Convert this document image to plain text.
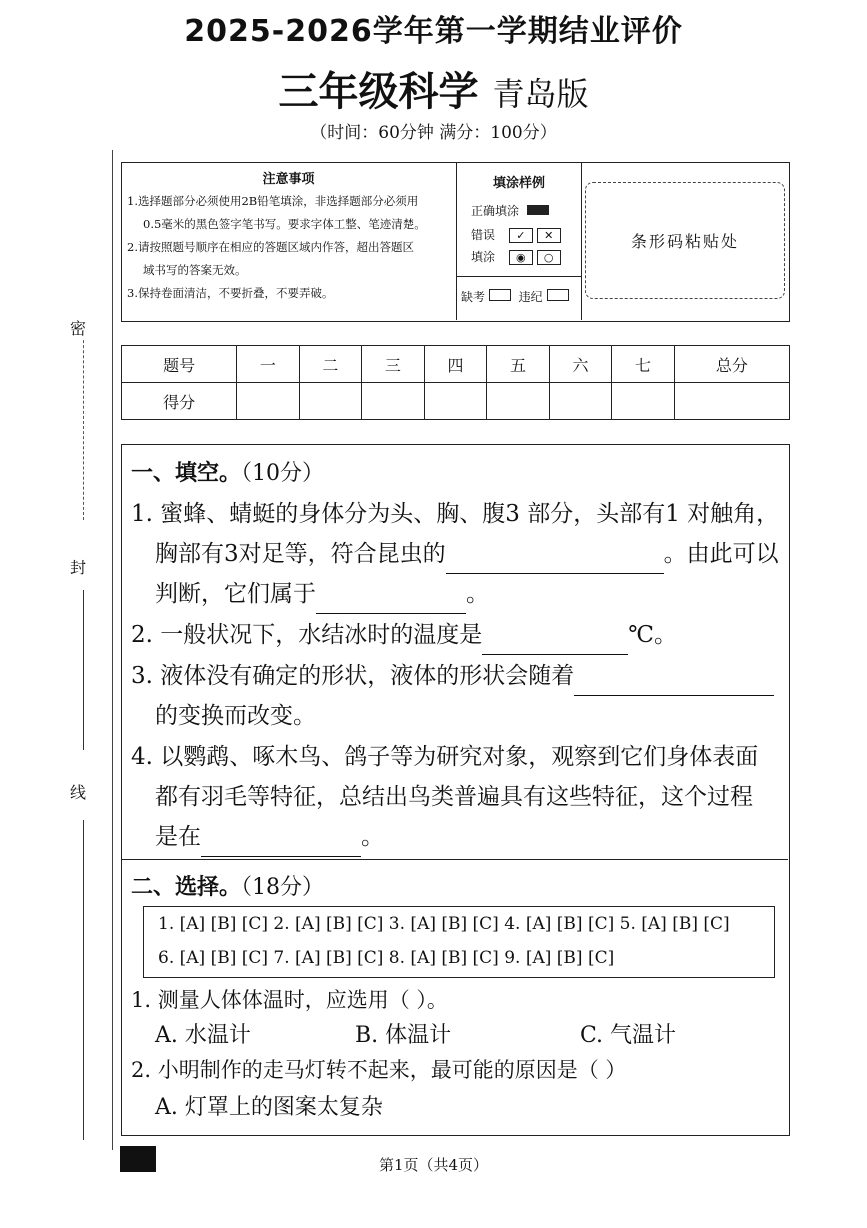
2025-2026学年第一学期结业评价
三年级科学 青岛版
（时间：60分钟 满分：100分）
密
封
线
注意事项
1.选择题部分必须使用2B铅笔填涂，非选择题部分必须用
0.5毫米的黑色签字笔书写。要求字体工整、笔迹清楚。
2.请按照题号顺序在相应的答题区域内作答，超出答题区
域书写的答案无效。
3.保持卷面清洁，不要折叠，不要弄破。
填涂样例
正确填涂
错误 ✓ ✕
填涂 ◉ ○
缺考	违纪
条形码粘贴处
题号	一	二	三	四	五	六	七	总分
得分								
一、填空。（10分）
1. 蜜蜂、蜻蜓的身体分为头、胸、腹3 部分，头部有1 对触角，
胸部有3对足等，符合昆虫的	。由此可以
判断，它们属于	。
2. 一般状况下，水结冰时的温度是	℃。
3. 液体没有确定的形状，液体的形状会随着
的变换而改变。
4. 以鹦鹉、啄木鸟、鸽子等为研究对象，观察到它们身体表面
都有羽毛等特征，总结出鸟类普遍具有这些特征，这个过程
是在	。
二、选择。（18分）
1. [A] [B] [C] 2. [A] [B] [C] 3. [A] [B] [C] 4. [A] [B] [C] 5. [A] [B] [C]
6. [A] [B] [C] 7. [A] [B] [C] 8. [A] [B] [C] 9. [A] [B] [C]
1. 测量人体体温时，应选用（ ）。
A. 水温计	B. 体温计	C. 气温计
2. 小明制作的走马灯转不起来，最可能的原因是（ ）
A. 灯罩上的图案太复杂
第1页（共4页）
